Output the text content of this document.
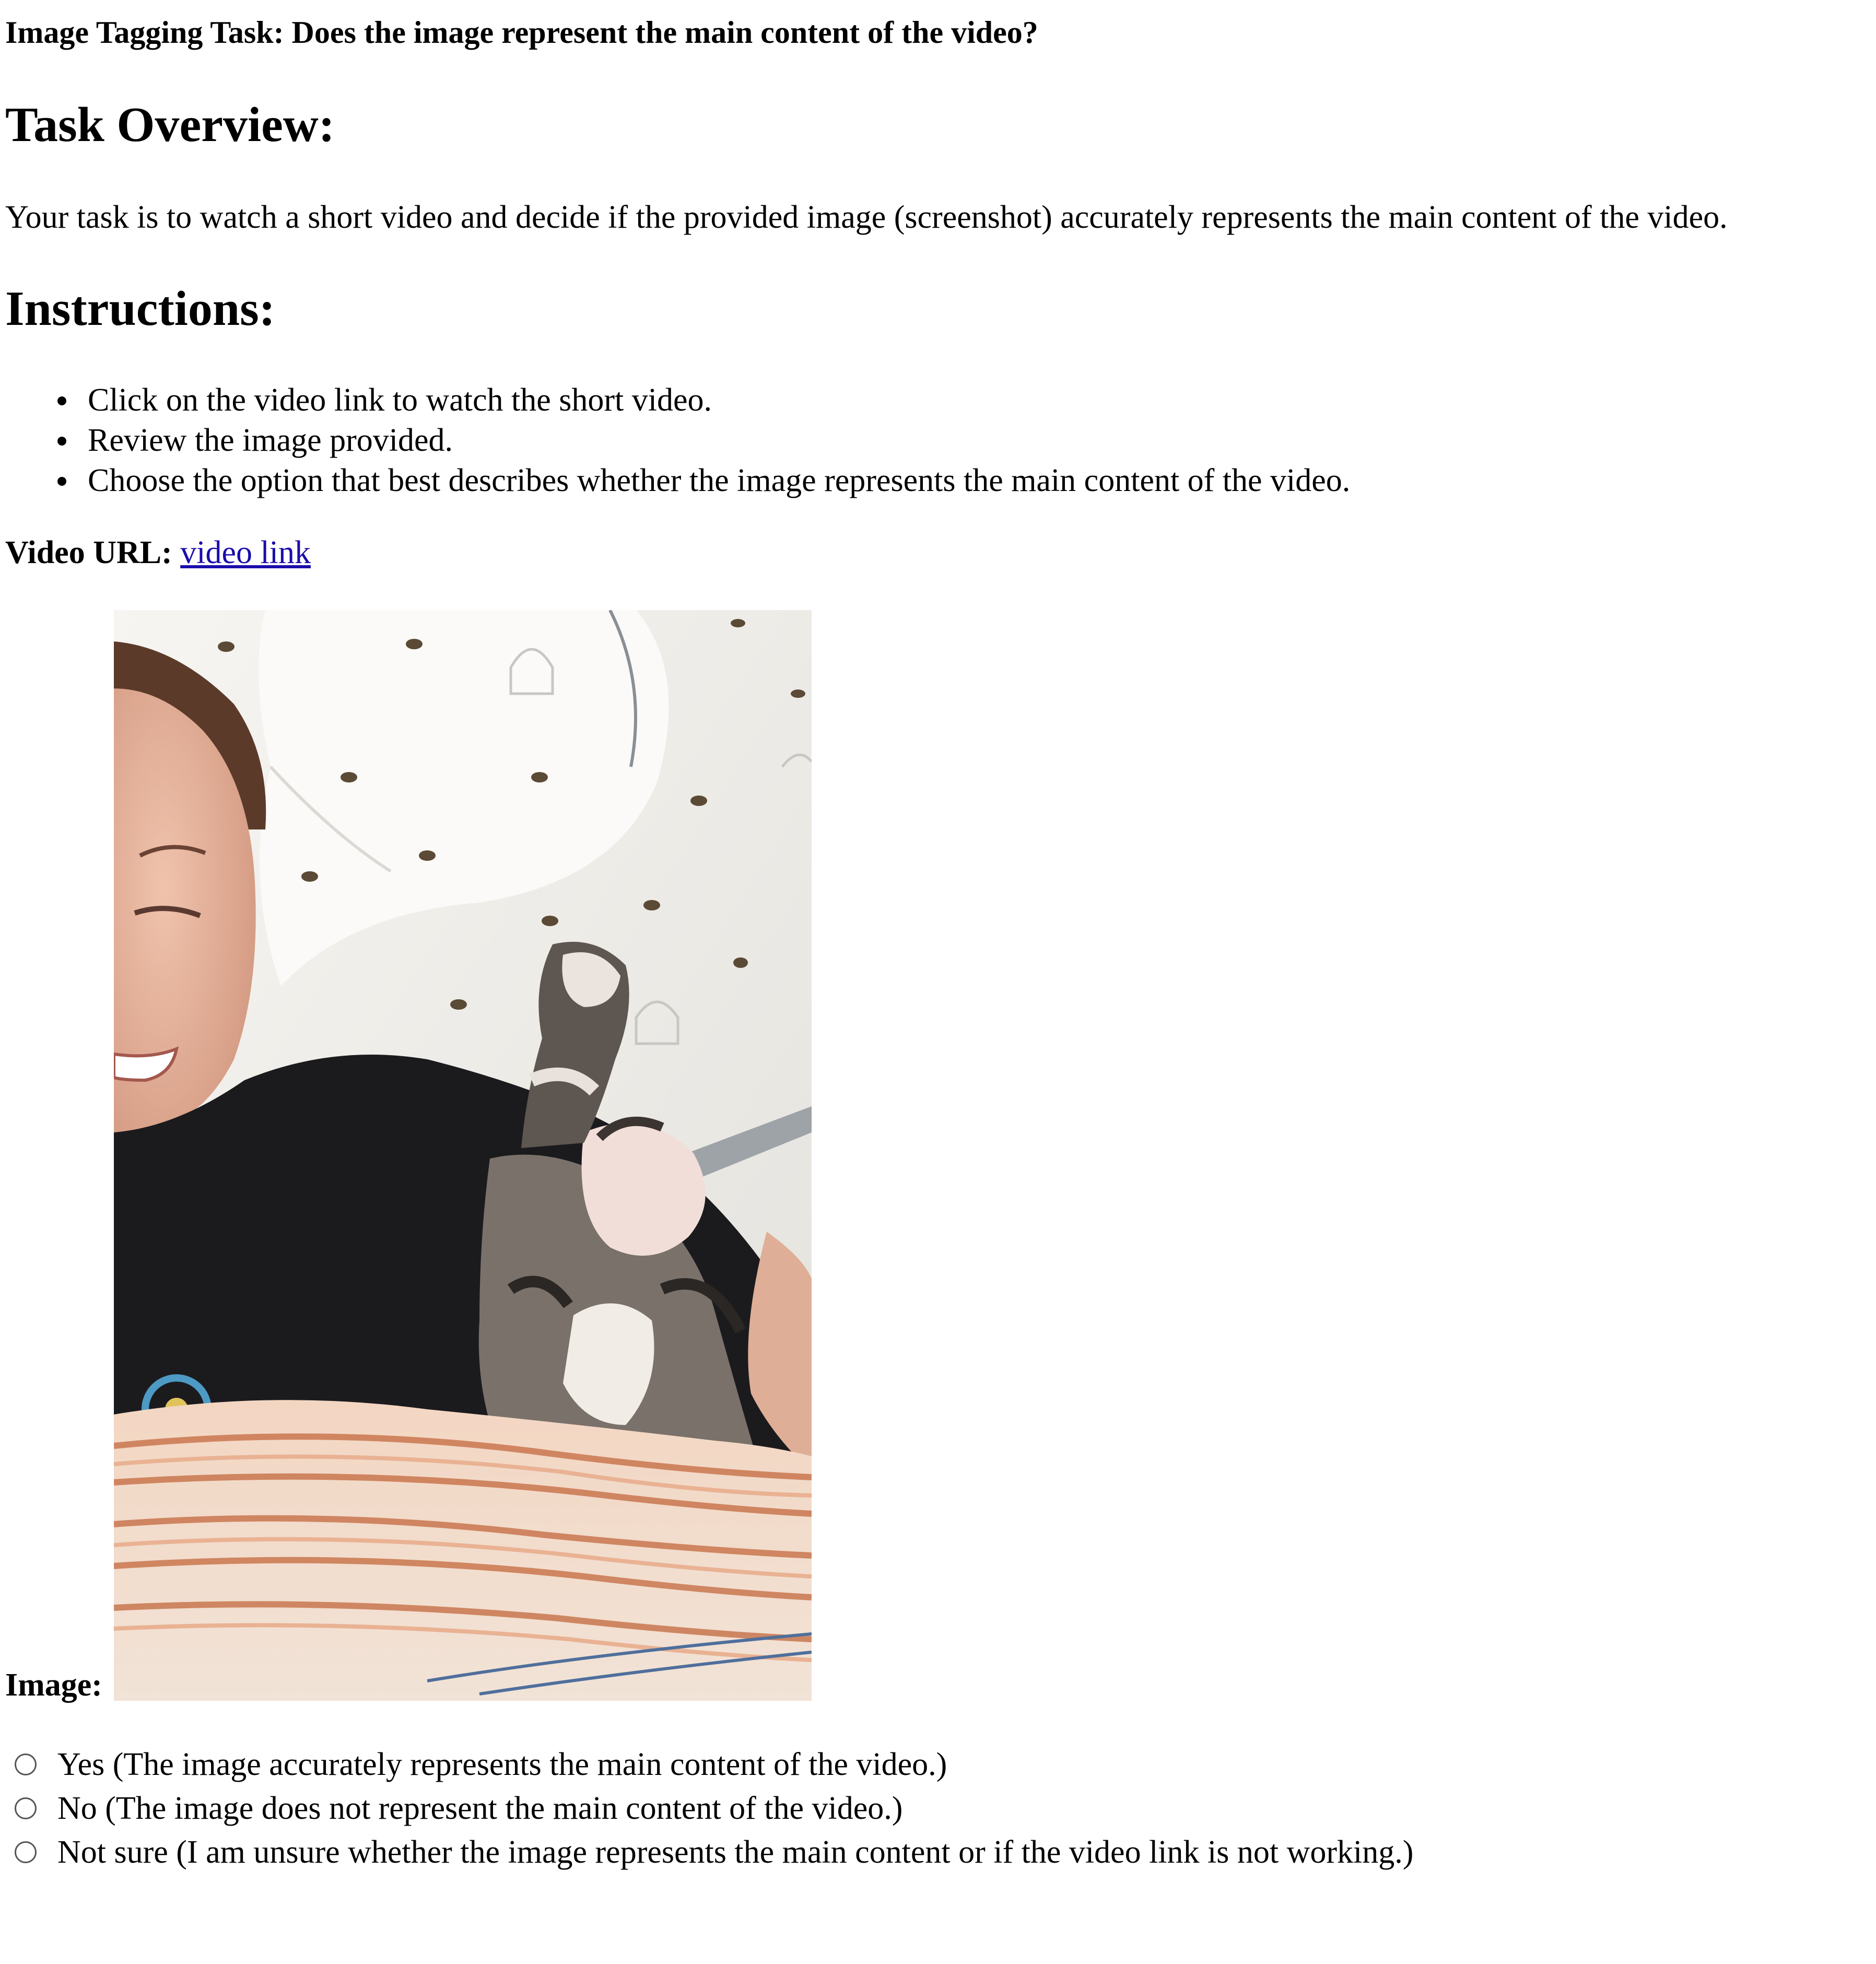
Image Tagging Task: Does the image represent the main content of the video?
Task Overview:

Your task is to watch a short video and decide if the provided image (screenshot) accurately represents the main content of the video.

Instructions:
Click on the video link to watch the short video.
Review the image provided.
Choose the option that best describes whether the image represents the main content of the video.
Video URL: video link
Image:
Yes (The image accurately represents the main content of the video.)
No (The image does not represent the main content of the video.)
Not sure (I am unsure whether the image represents the main content or if the video link is not working.)
